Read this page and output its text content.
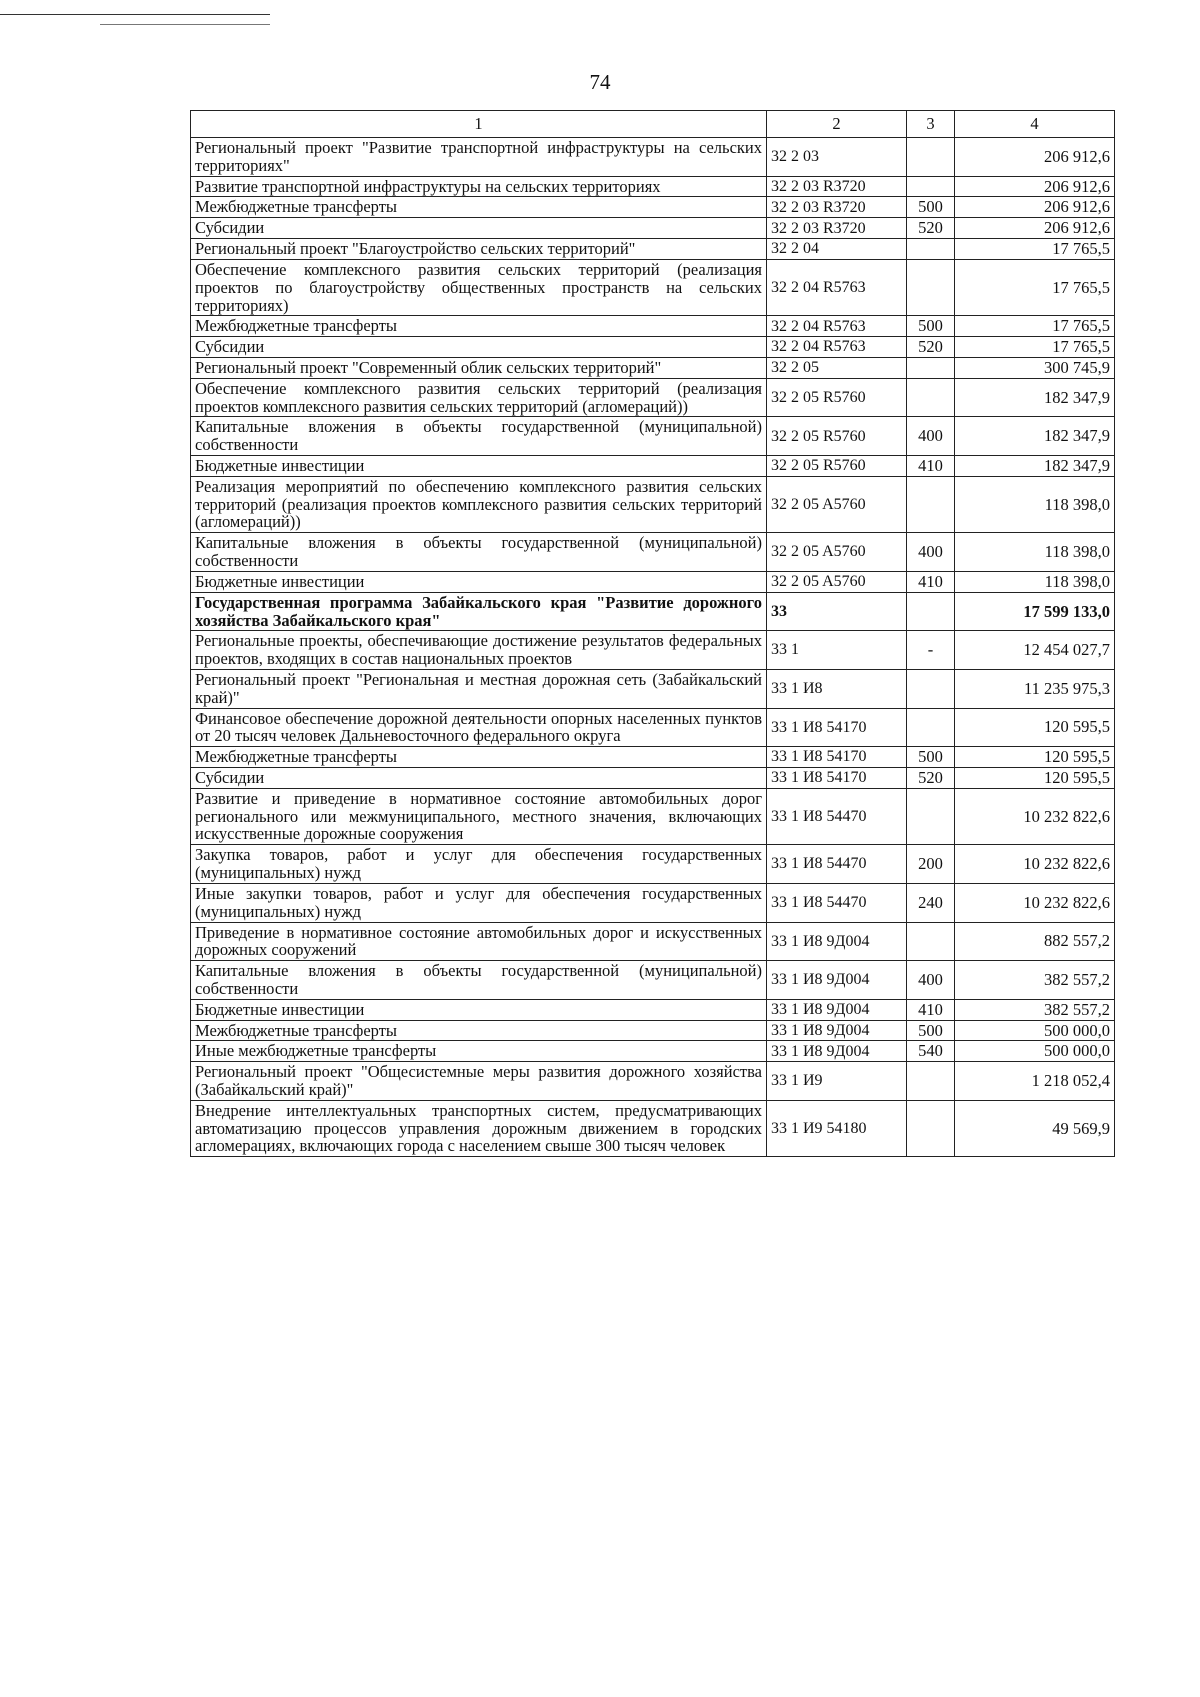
74
1	2	3	4
Региональный проект "Развитие транспортной инфраструктуры на сельских территориях"	32 2 03		206 912,6
Развитие транспортной инфраструктуры на сельских территориях	32 2 03 R3720		206 912,6
Межбюджетные трансферты	32 2 03 R3720	500	206 912,6
Субсидии	32 2 03 R3720	520	206 912,6
Региональный проект "Благоустройство сельских территорий"	32 2 04		17 765,5
Обеспечение комплексного развития сельских территорий (реализация проектов по благоустройству общественных пространств на сельских территориях)	32 2 04 R5763		17 765,5
Межбюджетные трансферты	32 2 04 R5763	500	17 765,5
Субсидии	32 2 04 R5763	520	17 765,5
Региональный проект "Современный облик сельских территорий"	32 2 05		300 745,9
Обеспечение комплексного развития сельских территорий (реализация проектов комплексного развития сельских территорий (агломераций))	32 2 05 R5760		182 347,9
Капитальные вложения в объекты государственной (муниципальной) собственности	32 2 05 R5760	400	182 347,9
Бюджетные инвестиции	32 2 05 R5760	410	182 347,9
Реализация мероприятий по обеспечению комплексного развития сельских территорий (реализация проектов комплексного развития сельских территорий (агломераций))	32 2 05 A5760		118 398,0
Капитальные вложения в объекты государственной (муниципальной) собственности	32 2 05 A5760	400	118 398,0
Бюджетные инвестиции	32 2 05 A5760	410	118 398,0
Государственная программа Забайкальского края "Развитие дорожного хозяйства Забайкальского края"	33		17 599 133,0
Региональные проекты, обеспечивающие достижение результатов федеральных проектов, входящих в состав национальных проектов	33 1	-	12 454 027,7
Региональный проект "Региональная и местная дорожная сеть (Забайкальский край)"	33 1 И8		11 235 975,3
Финансовое обеспечение дорожной деятельности опорных населенных пунктов от 20 тысяч человек Дальневосточного федерального округа	33 1 И8 54170		120 595,5
Межбюджетные трансферты	33 1 И8 54170	500	120 595,5
Субсидии	33 1 И8 54170	520	120 595,5
Развитие и приведение в нормативное состояние автомобильных дорог регионального или межмуниципального, местного значения, включающих искусственные дорожные сооружения	33 1 И8 54470		10 232 822,6
Закупка товаров, работ и услуг для обеспечения государственных (муниципальных) нужд	33 1 И8 54470	200	10 232 822,6
Иные закупки товаров, работ и услуг для обеспечения государственных (муниципальных) нужд	33 1 И8 54470	240	10 232 822,6
Приведение в нормативное состояние автомобильных дорог и искусственных дорожных сооружений	33 1 И8 9Д004		882 557,2
Капитальные вложения в объекты государственной (муниципальной) собственности	33 1 И8 9Д004	400	382 557,2
Бюджетные инвестиции	33 1 И8 9Д004	410	382 557,2
Межбюджетные трансферты	33 1 И8 9Д004	500	500 000,0
Иные межбюджетные трансферты	33 1 И8 9Д004	540	500 000,0
Региональный проект "Общесистемные меры развития дорожного хозяйства (Забайкальский край)"	33 1 И9		1 218 052,4
Внедрение интеллектуальных транспортных систем, предусматривающих автоматизацию процессов управления дорожным движением в городских агломерациях, включающих города с населением свыше 300 тысяч человек	33 1 И9 54180		49 569,9
